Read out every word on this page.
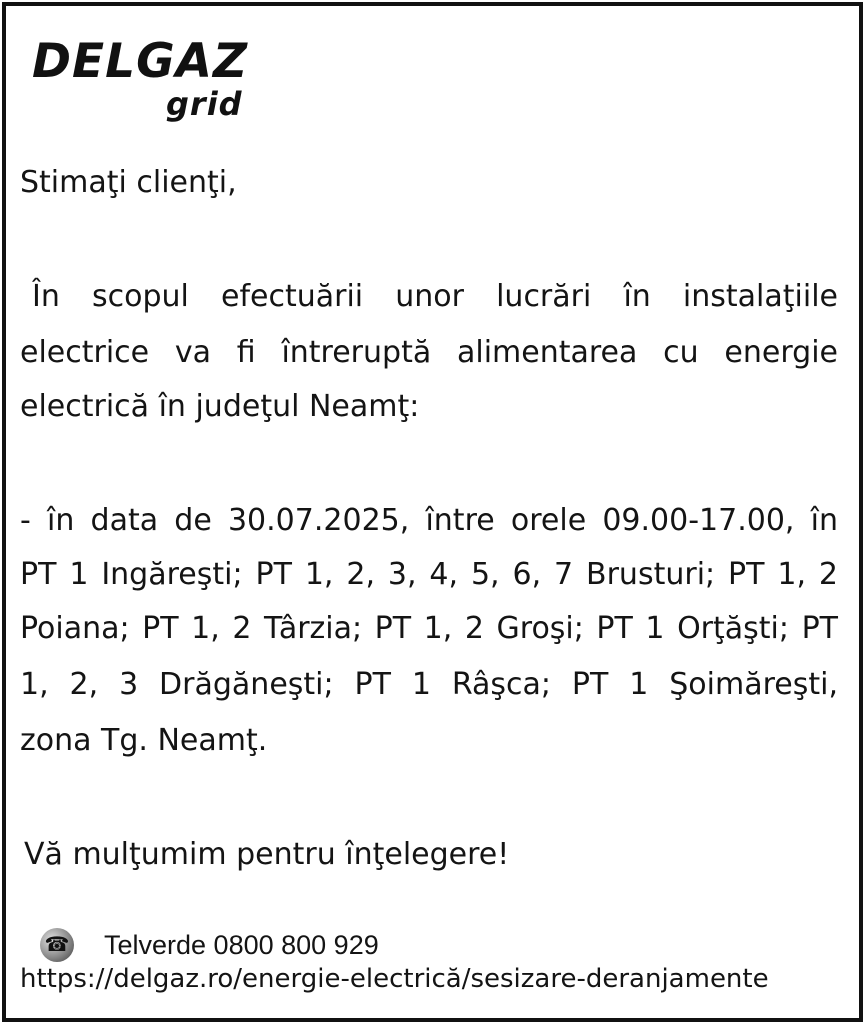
DELGAZ
grid
Stimaţi clienţi,
În scopul efectuării unor lucrări în instalaţiile
electrice va fi întreruptă alimentarea cu energie
electrică în judeţul Neamţ:
- în data de 30.07.2025, între orele 09.00-17.00, în
PT 1 Ingăreşti; PT 1, 2, 3, 4, 5, 6, 7 Brusturi; PT 1, 2
Poiana; PT 1, 2 Târzia; PT 1, 2 Groşi; PT 1 Orţăşti; PT
1, 2, 3 Drăgăneşti; PT 1 Râşca; PT 1 Şoimăreşti,
zona Tg. Neamţ.
Vă mulţumim pentru înţelegere!
☎ Telverde 0800 800 929
https://delgaz.ro/energie-electrică/sesizare-deranjamente
